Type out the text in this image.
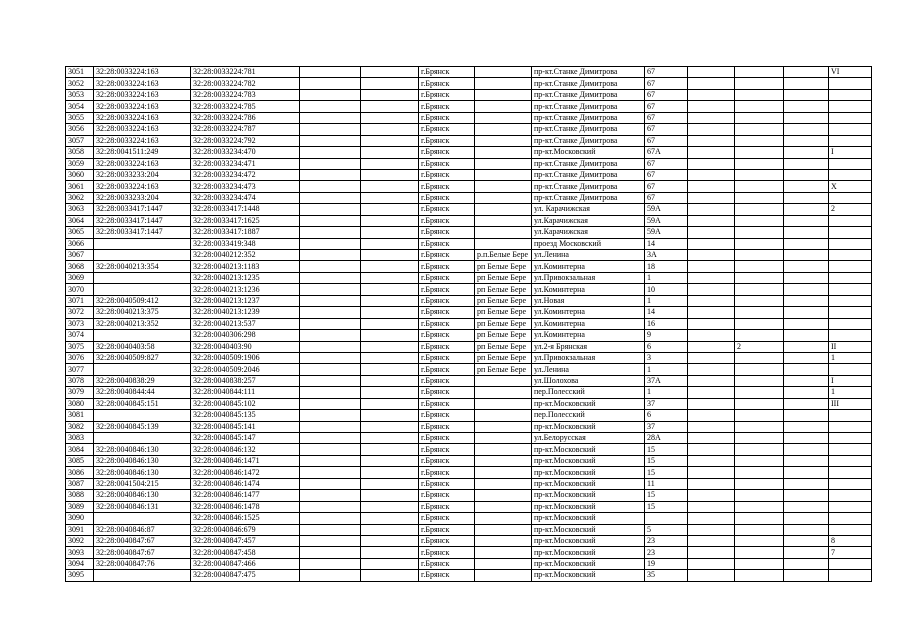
3051	32:28:0033224:163	32:28:0033224:781			г.Брянск		пр-кт.Станке Димитрова	67				VI
3052	32:28:0033224:163	32:28:0033224:782			г.Брянск		пр-кт.Станке Димитрова	67				
3053	32:28:0033224:163	32:28:0033224:783			г.Брянск		пр-кт.Станке Димитрова	67				
3054	32:28:0033224:163	32:28:0033224:785			г.Брянск		пр-кт.Станке Димитрова	67				
3055	32:28:0033224:163	32:28:0033224:786			г.Брянск		пр-кт.Станке Димитрова	67				
3056	32:28:0033224:163	32:28:0033224:787			г.Брянск		пр-кт.Станке Димитрова	67				
3057	32:28:0033224:163	32:28:0033224:792			г.Брянск		пр-кт.Станке Димитрова	67				
3058	32:28:0041511:249	32:28:0033234:470			г.Брянск		пр-кт.Московский	67А				I
3059	32:28:0033224:163	32:28:0033234:471			г.Брянск		пр-кт.Станке Димитрова	67				
3060	32:28:0033233:204	32:28:0033234:472			г.Брянск		пр-кт.Станке Димитрова	67				
3061	32:28:0033224:163	32:28:0033234:473			г.Брянск		пр-кт.Станке Димитрова	67				X
3062	32:28:0033233:204	32:28:0033234:474			г.Брянск		пр-кт.Станке Димитрова	67				
3063	32:28:0033417:1447	32:28:0033417:1448			г.Брянск		ул. Карачижская	59А				2
3064	32:28:0033417:1447	32:28:0033417:1625			г.Брянск		ул.Карачижская	59А				
3065	32:28:0033417:1447	32:28:0033417:1887			г.Брянск		ул.Карачижская	59А				
3066		32:28:0033419:348			г.Брянск		проезд Московский	14				
3067		32:28:0040212:352			г.Брянск	р.п.Белые Бере	ул.Ленина	3А				
3068	32:28:0040213:354	32:28:0040213:1183			г.Брянск	рп Белые Бере	ул.Коминтерна	18				
3069		32:28:0040213:1235			г.Брянск	рп Белые Бере	ул.Привокзальная	1				
3070		32:28:0040213:1236			г.Брянск	рп Белые Бере	ул.Коминтерна	10				
3071	32:28:0040509:412	32:28:0040213:1237			г.Брянск	рп Белые Бере	ул.Новая	1				
3072	32:28:0040213:375	32:28:0040213:1239			г.Брянск	рп Белые Бере	ул.Коминтерна	14				
3073	32:28:0040213:352	32:28:0040213:537			г.Брянск	рп Белые Бере	ул.Коминтерна	16				
3074		32:28:0040306:298			г.Брянск	рп Белые Бере	ул.Коминтерна	9				
3075	32:28:0040403:58	32:28:0040403:90			г.Брянск	рп Белые Бере	ул.2-я Брянская	6		2		II
3076	32:28:0040509:827	32:28:0040509:1906			г.Брянск	рп Белые Бере	ул.Привокзальная	3				1
3077		32:28:0040509:2046			г.Брянск	рп Белые Бере	ул.Ленина	1				
3078	32:28:0040838:29	32:28:0040838:257			г.Брянск		ул.Шолохова	37А				I
3079	32:28:0040844:44	32:28:0040844:111			г.Брянск		пер.Полесский	1				1
3080	32:28:0040845:151	32:28:0040845:102			г.Брянск		пр-кт.Московский	37				III
3081		32:28:0040845:135			г.Брянск		пер.Полесский	6				
3082	32:28:0040845:139	32:28:0040845:141			г.Брянск		пр-кт.Московский	37				
3083		32:28:0040845:147			г.Брянск		ул.Белорусская	28А				
3084	32:28:0040846:130	32:28:0040846:132			г.Брянск		пр-кт.Московский	15				
3085	32:28:0040846:130	32:28:0040846:1471			г.Брянск		пр-кт.Московский	15				
3086	32:28:0040846:130	32:28:0040846:1472			г.Брянск		пр-кт.Московский	15				
3087	32:28:0041504:215	32:28:0040846:1474			г.Брянск		пр-кт.Московский	11				
3088	32:28:0040846:130	32:28:0040846:1477			г.Брянск		пр-кт.Московский	15				
3089	32:28:0040846:131	32:28:0040846:1478			г.Брянск		пр-кт.Московский	15				
3090		32:28:0040846:1525			г.Брянск		пр-кт.Московский					
3091	32:28:0040846:87	32:28:0040846:679			г.Брянск		пр-кт.Московский	5				
3092	32:28:0040847:67	32:28:0040847:457			г.Брянск		пр-кт.Московский	23				8
3093	32:28:0040847:67	32:28:0040847:458			г.Брянск		пр-кт.Московский	23				7
3094	32:28:0040847:76	32:28:0040847:466			г.Брянск		пр-кт.Московский	19				
3095		32:28:0040847:475			г.Брянск		пр-кт.Московский	35				
